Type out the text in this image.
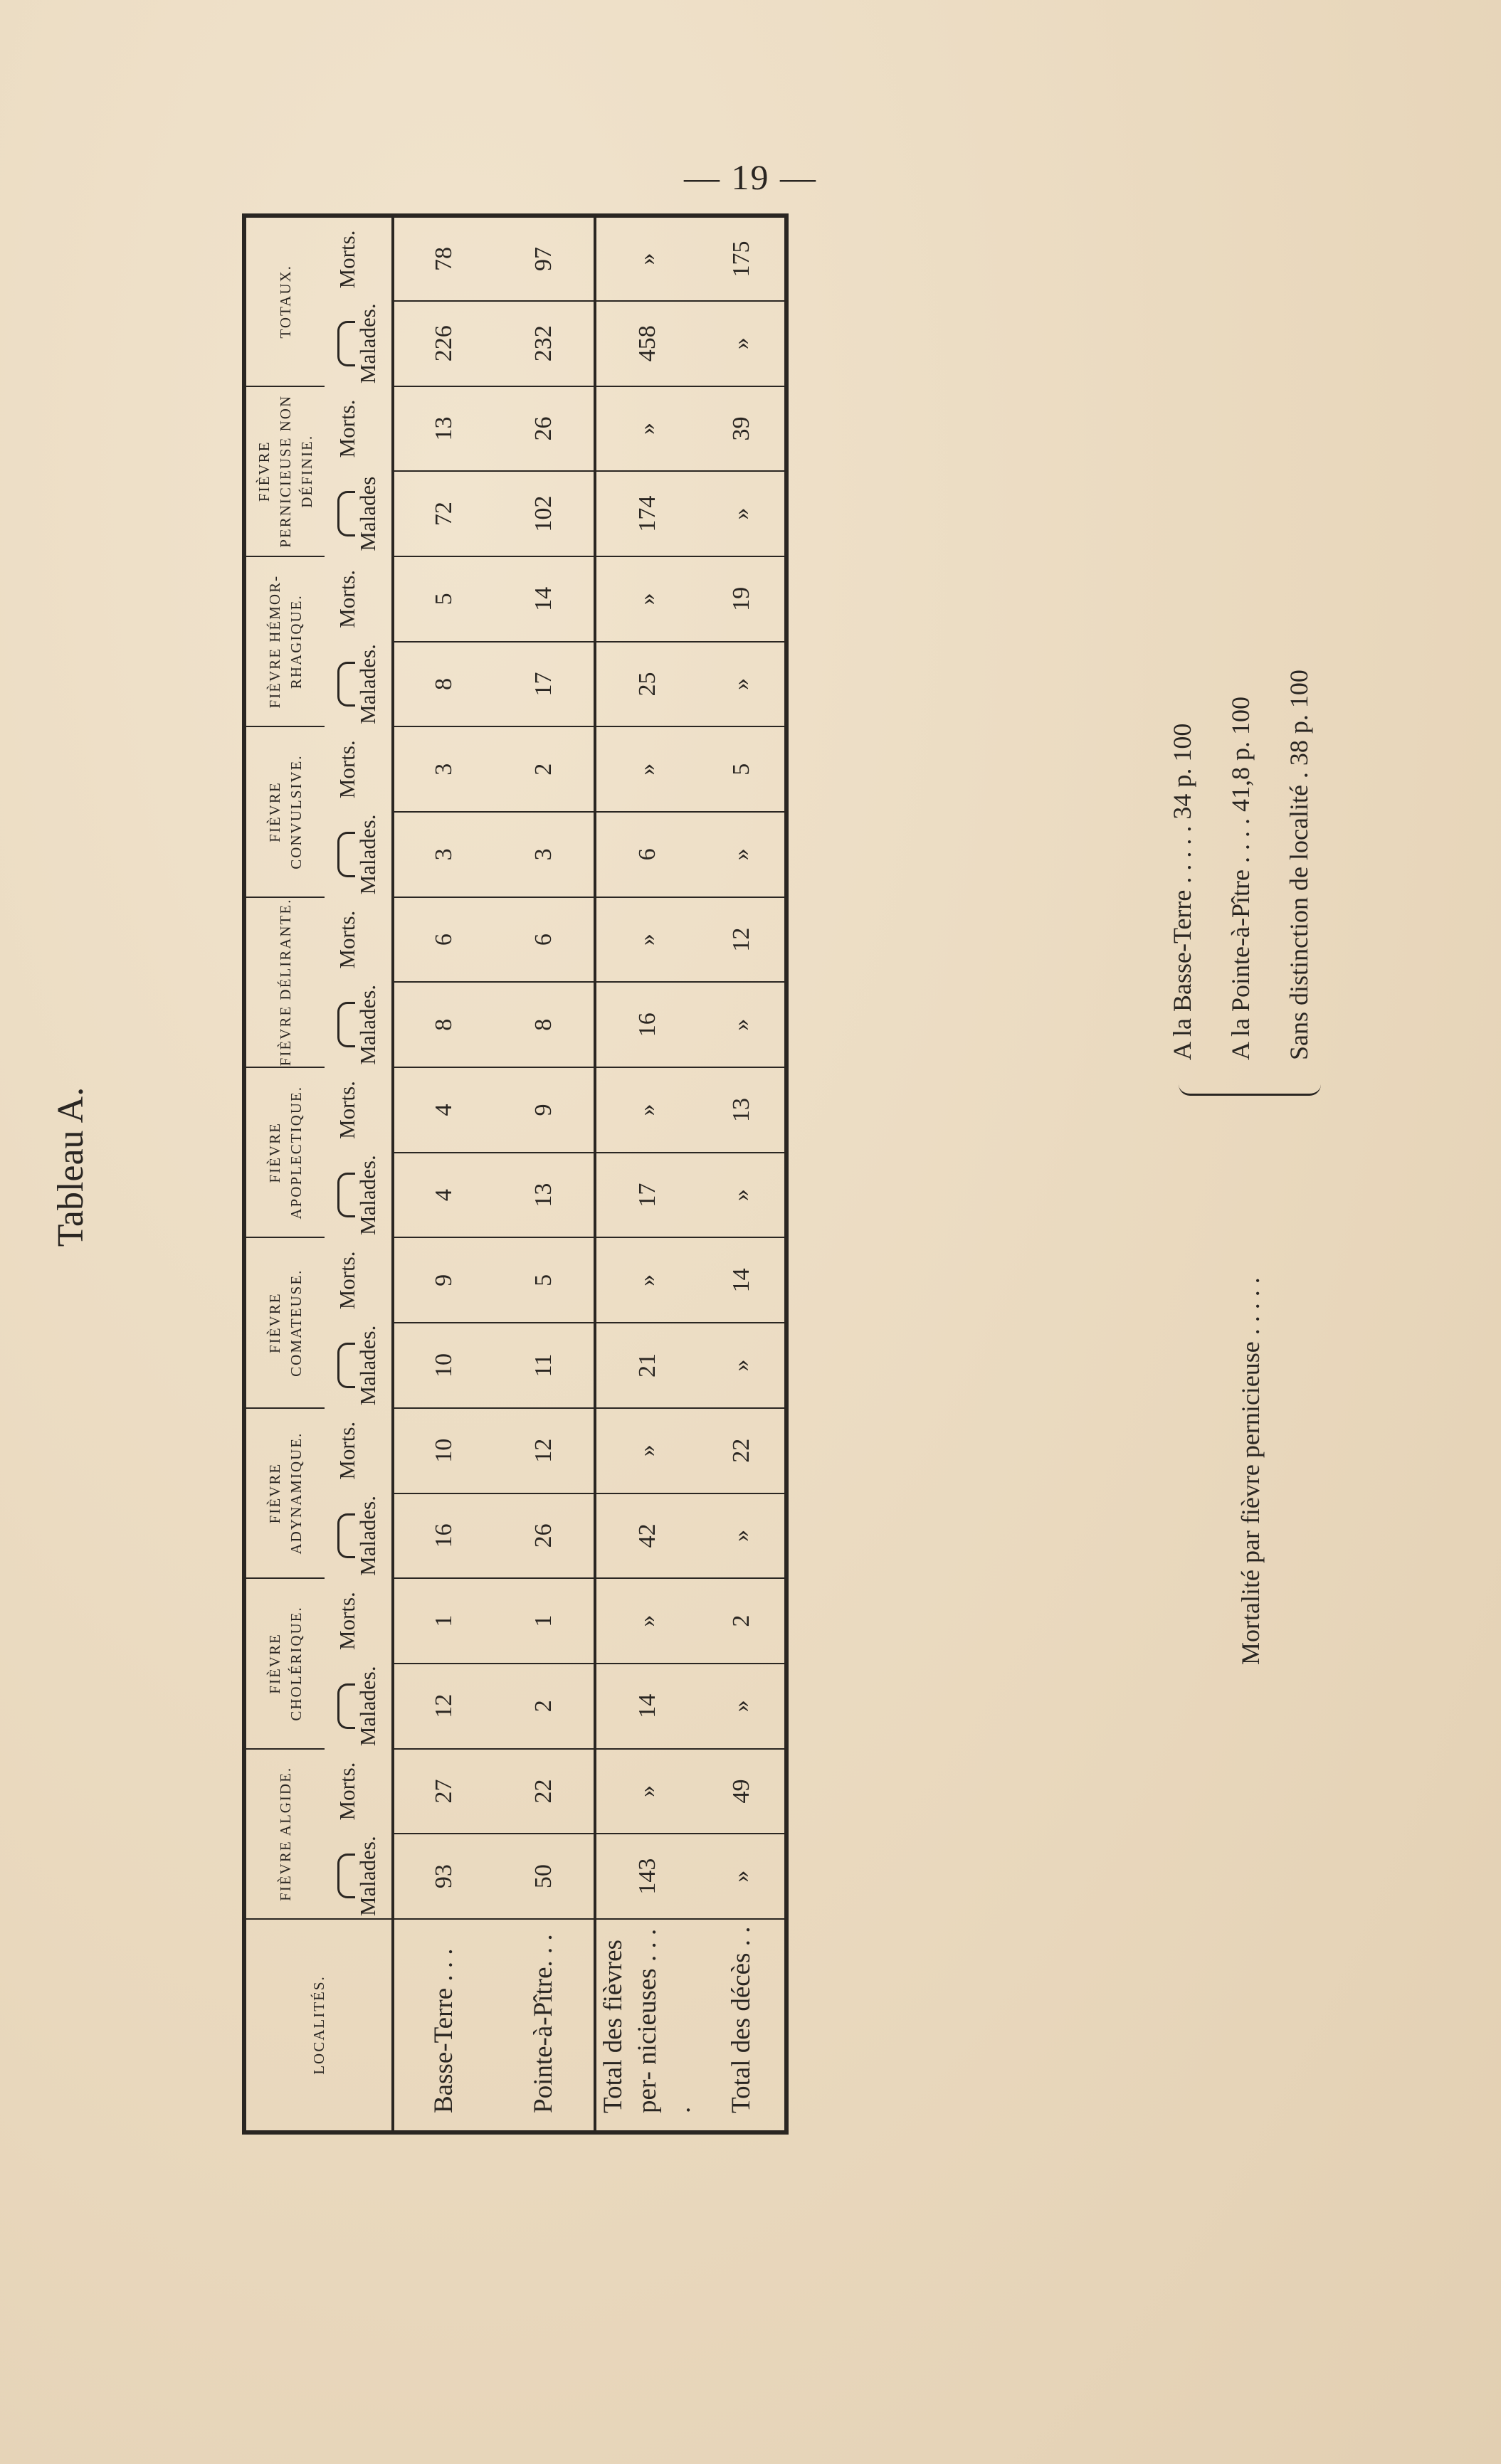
— 19 —
Tableau A.
LOCALITÉS.	FIÈVRE ALGIDE.		FIÈVRE CHOLÉRIQUE.		FIÈVRE ADYNAMIQUE.		FIÈVRE COMATEUSE.		FIÈVRE APOPLECTIQUE.		FIÈVRE DÉLIRANTE.		FIÈVRE CONVULSIVE.		FIÈVRE HÉMOR- RHAGIQUE.		FIÈVRE PERNICIEUSE NON DÉFINIE.		TOTAUX.	

Malades.	Morts.	Malades.	Morts.	Malades.	Morts.	Malades.	Morts.	Malades.	Morts.	Malades.	Morts.	Malades.	Morts.	Malades.	Morts.	Malades	Morts.	Malades.	Morts.
Basse-Terre . . .	93	27	12	1	16	10	10	9	4	4	8	6	3	3	8	5	72	13	226	78
Pointe-à-Pître. . .	50	22	2	1	26	12	11	5	13	9	8	6	3	2	17	14	102	26	232	97
Total des fièvres per- nicieuses . . . .	143	»	14	»	42	»	21	»	17	»	16	»	6	»	25	»	174	»	458	»
Total des décès . .	»	49	»	2	»	22	»	14	»	13	»	12	»	5	»	19	»	39	»	175
Mortalité par fièvre pernicieuse . . . . .
A la Basse-Terre . . . . . 34 p. 100 A la Pointe-à-Pître . . . . 41,8 p. 100 Sans distinction de localité . 38 p. 100
